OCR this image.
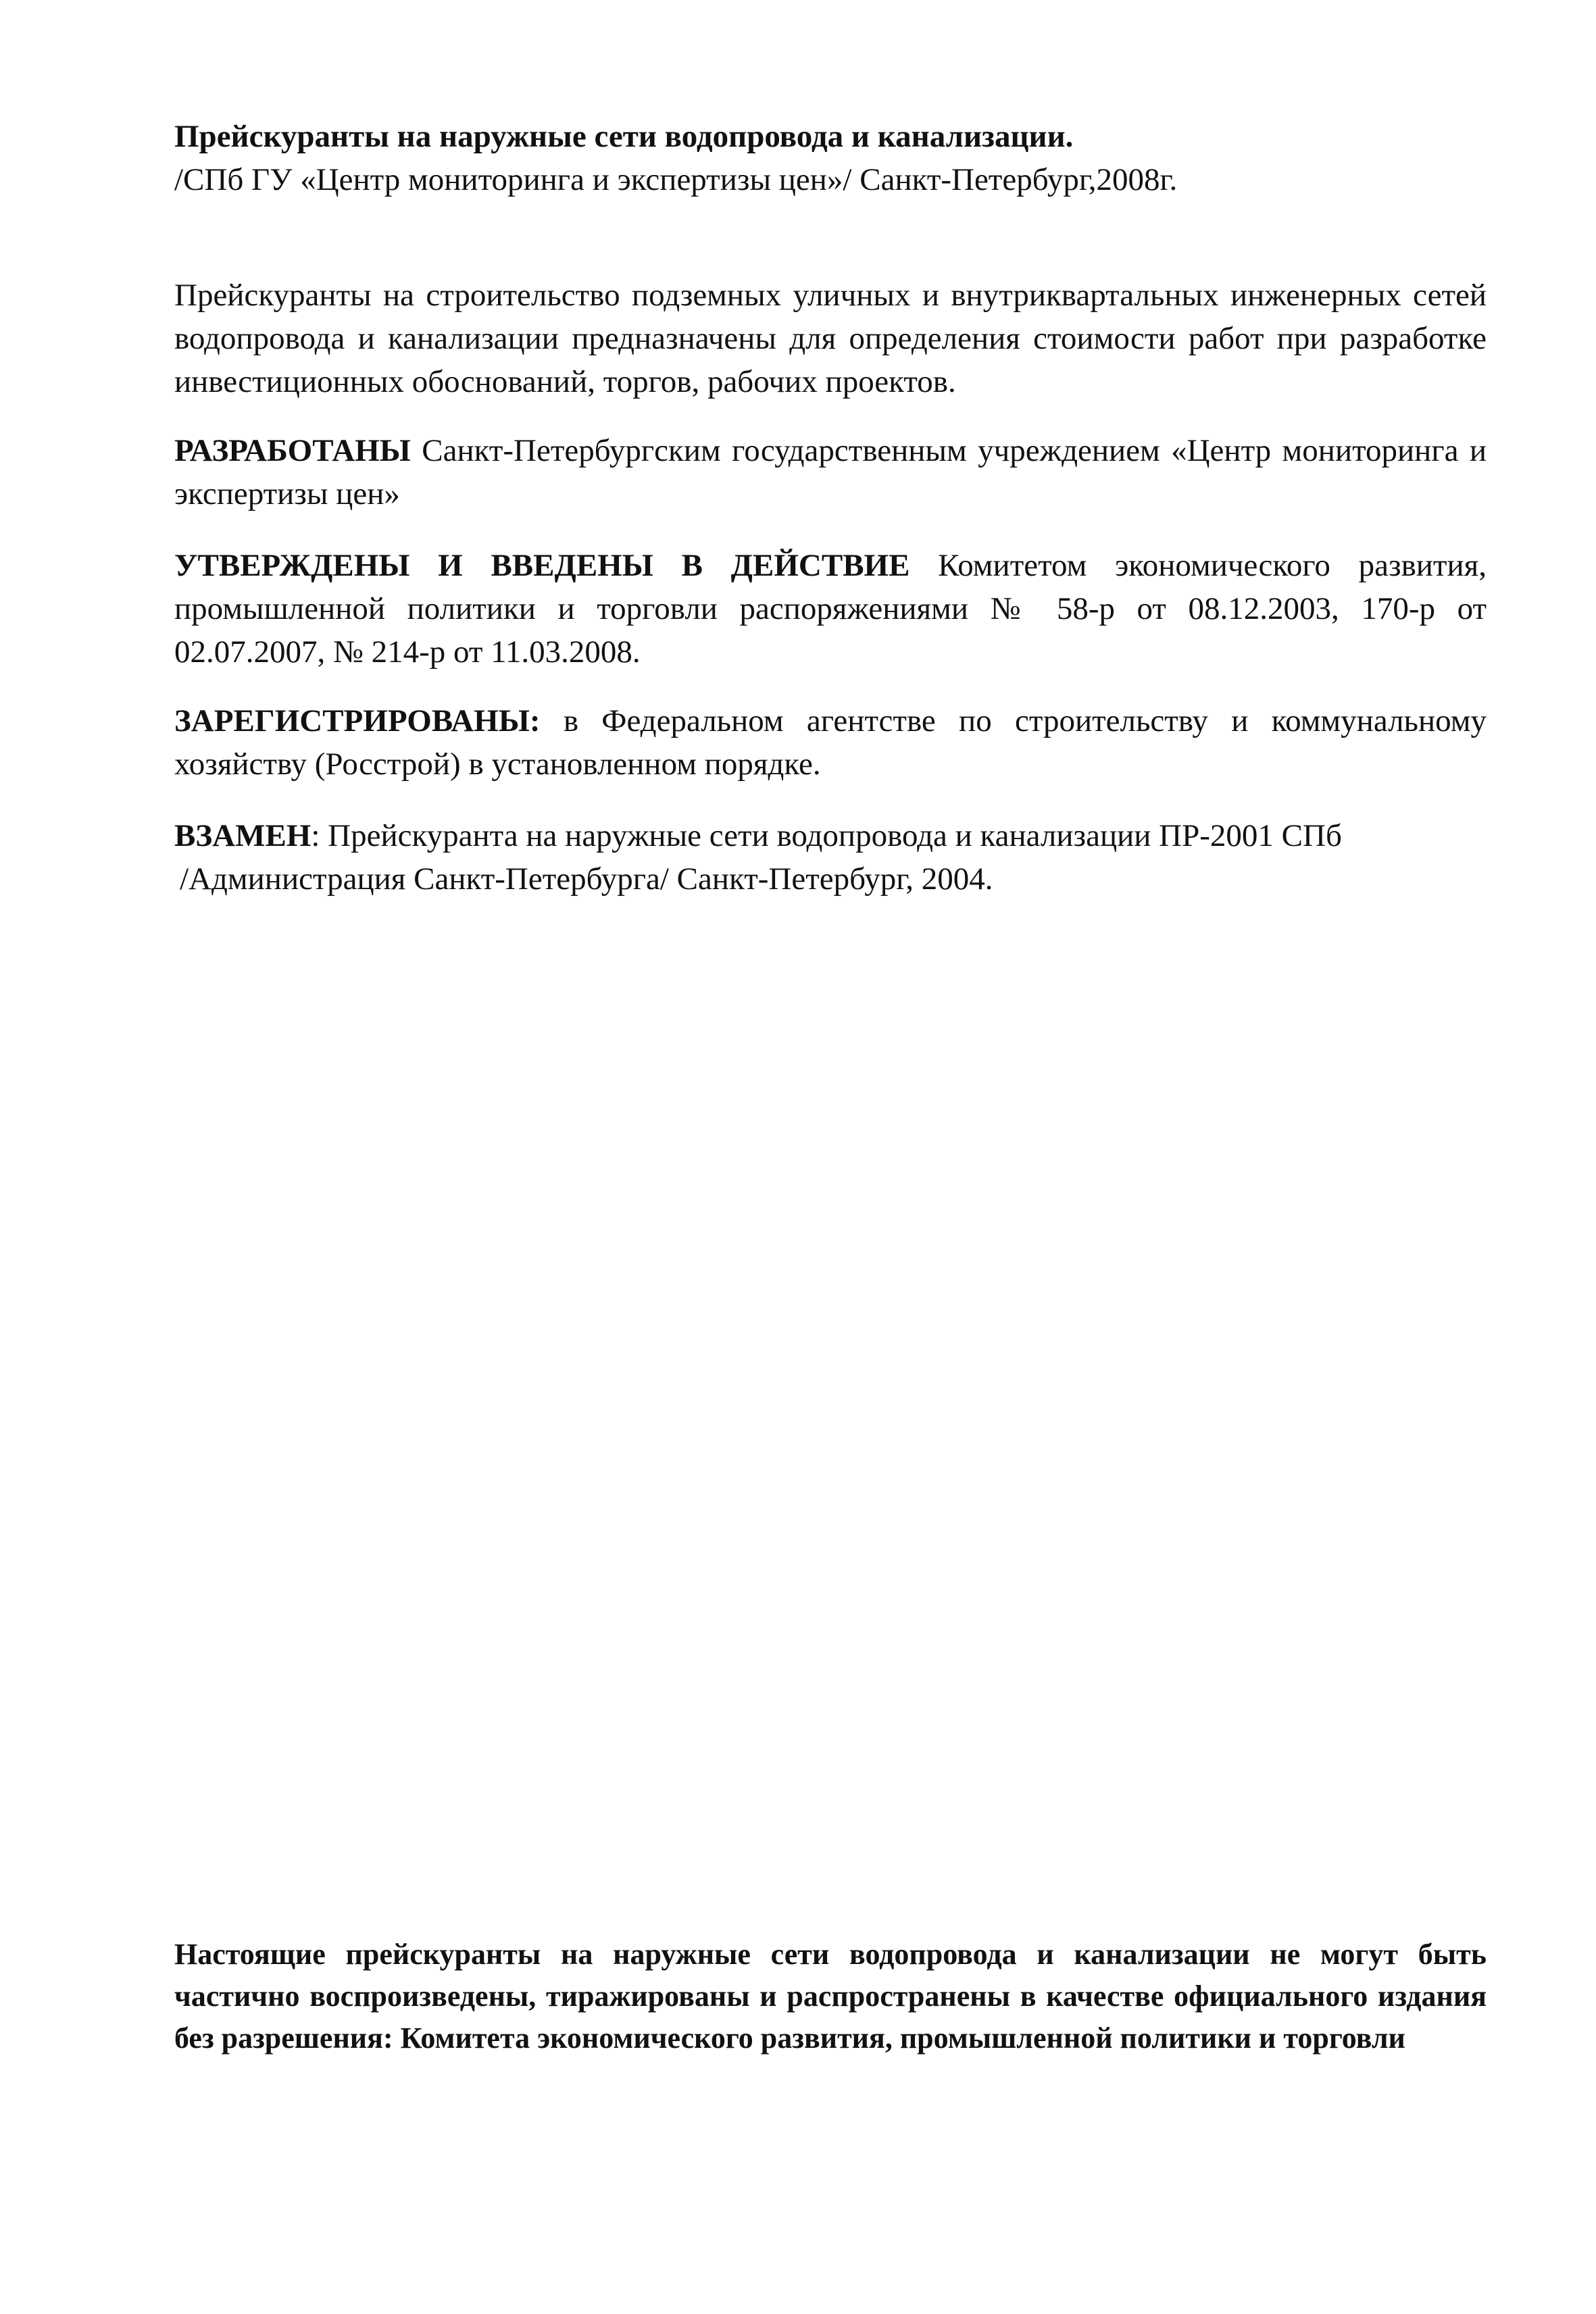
Прейскуранты на наружные сети водопровода и канализации.
/СПб ГУ «Центр мониторинга и экспертизы цен»/ Санкт-Петербург,2008г.
Прейскуранты на строительство подземных уличных и внутриквартальных инженерных сетей водопровода и канализации предназначены для определения стоимости работ при разработке инвестиционных обоснований, торгов, рабочих проектов.
РАЗРАБОТАНЫ Санкт-Петербургским государственным учреждением «Центр мониторинга и экспертизы цен»
УТВЕРЖДЕНЫ И ВВЕДЕНЫ В ДЕЙСТВИЕ Комитетом экономического развития, промышленной политики и торговли распоряжениями № 58-р от 08.12.2003, 170-р от 02.07.2007, № 214-р от 11.03.2008.
ЗАРЕГИСТРИРОВАНЫ: в Федеральном агентстве по строительству и коммунальному хозяйству (Росстрой) в установленном порядке.
ВЗАМЕН: Прейскуранта на наружные сети водопровода и канализации ПР-2001 СПб
/Администрация Санкт-Петербурга/ Санкт-Петербург, 2004.
Настоящие прейскуранты на наружные сети водопровода и канализации не могут быть частично воспроизведены, тиражированы и распространены в качестве официального издания без разрешения: Комитета экономического развития, промышленной политики и торговли
